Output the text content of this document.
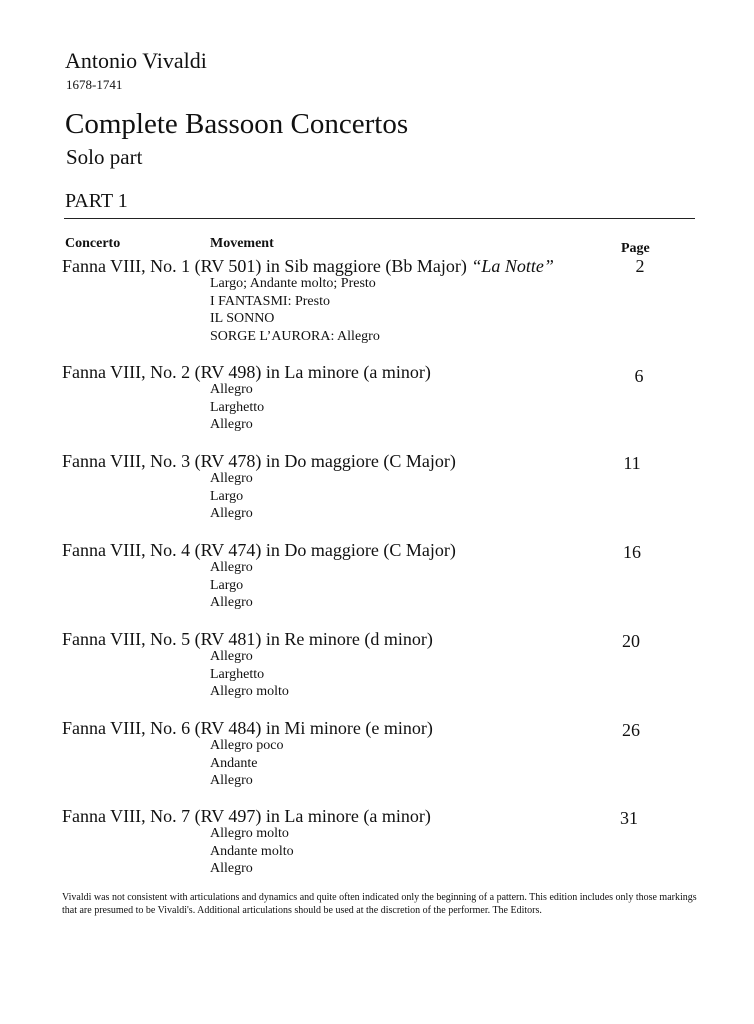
Antonio Vivaldi
1678-1741
Complete Bassoon Concertos
Solo part
PART 1
Concerto	Movement	Page
Fanna VIII, No. 1 (RV 501) in Sib maggiore (Bb Major) “La Notte”	2
Largo; Andante molto; Presto
I FANTASMI: Presto
IL SONNO
SORGE L’AURORA: Allegro
Fanna VIII, No. 2 (RV 498) in La minore (a minor)	6
Allegro
Larghetto
Allegro
Fanna VIII, No. 3 (RV 478) in Do maggiore (C Major)	11
Allegro
Largo
Allegro
Fanna VIII, No. 4 (RV 474) in Do maggiore (C Major)	16
Allegro
Largo
Allegro
Fanna VIII, No. 5 (RV 481) in Re minore (d minor)	20
Allegro
Larghetto
Allegro molto
Fanna VIII, No. 6 (RV 484) in Mi minore (e minor)	26
Allegro poco
Andante
Allegro
Fanna VIII, No. 7 (RV 497) in La minore (a minor)	31
Allegro molto
Andante molto
Allegro
Vivaldi was not consistent with articulations and dynamics and quite often indicated only the beginning of a pattern. This edition includes only those markings that are presumed to be Vivaldi's. Additional articulations should be used at the discretion of the performer. The Editors.
